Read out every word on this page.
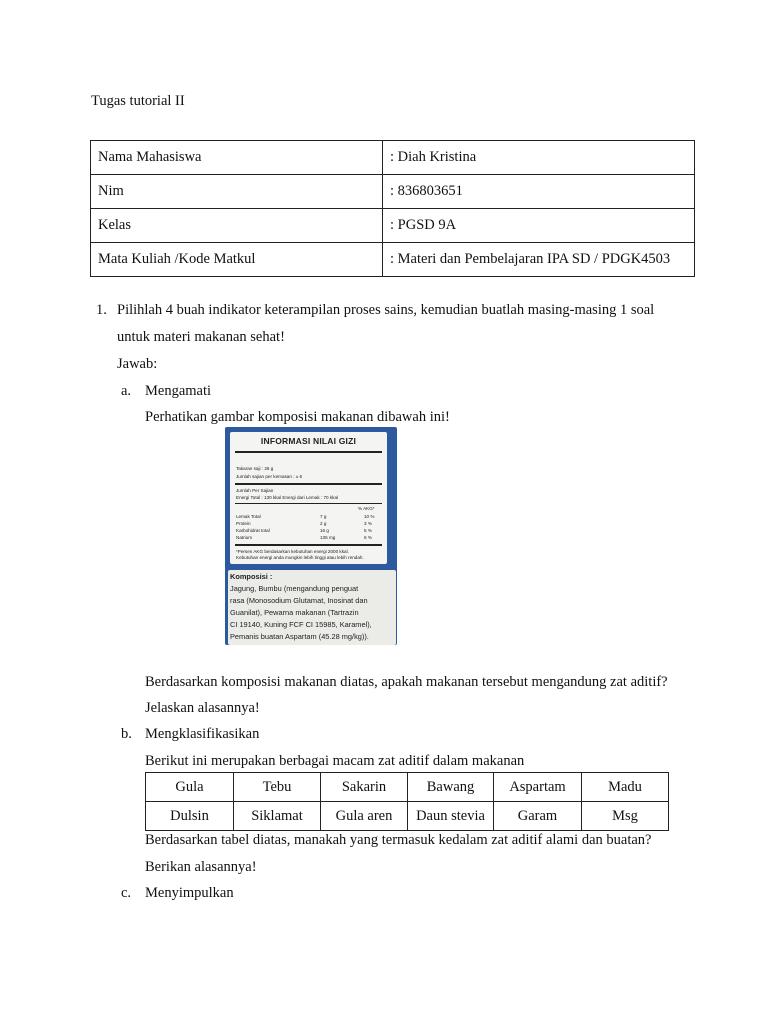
Tugas tutorial II
Nama Mahasiswa	: Diah Kristina
Nim	: 836803651
Kelas	: PGSD 9A
Mata Kuliah /Kode Matkul	: Materi dan Pembelajaran IPA SD / PDGK4503
1. Pilihlah 4 buah indikator keterampilan proses sains, kemudian buatlah masing-masing 1 soal
untuk materi makanan sehat!
Jawab:
a. Mengamati
Perhatikan gambar komposisi makanan dibawah ini!
INFORMASI NILAI GIZI
Takaran saji : 26 g
Jumlah sajian per kemasan : ± 6
Jumlah Per Sajian
Energi Total : 130 kkal Energi dari Lemak : 70 kkal
% AKG*
Lemak Total	7 g	10 %
Protein	2 g	3 %
Karbohidrat total	16 g	5 %
Natrium	135 mg	6 %
*Persen AKG berdasarkan kebutuhan energi 2000 kkal.
Kebutuhan energi anda mungkin lebih tinggi atau lebih rendah.
Komposisi :
Jagung, Bumbu (mengandung penguat
rasa (Monosodium Glutamat, Inosinat dan
Guanilat), Pewarna makanan (Tartrazin
CI 19140, Kuning FCF CI 15985, Karamel),
Pemanis buatan Aspartam (45.28 mg/kg)).
Berdasarkan komposisi makanan diatas, apakah makanan tersebut mengandung zat aditif?
Jelaskan alasannya!
b. Mengklasifikasikan
Berikut ini merupakan berbagai macam zat aditif dalam makanan
Gula	Tebu	Sakarin	Bawang	Aspartam	Madu
Dulsin	Siklamat	Gula aren	Daun stevia	Garam	Msg
Berdasarkan tabel diatas, manakah yang termasuk kedalam zat aditif alami dan buatan?
Berikan alasannya!
c. Menyimpulkan
